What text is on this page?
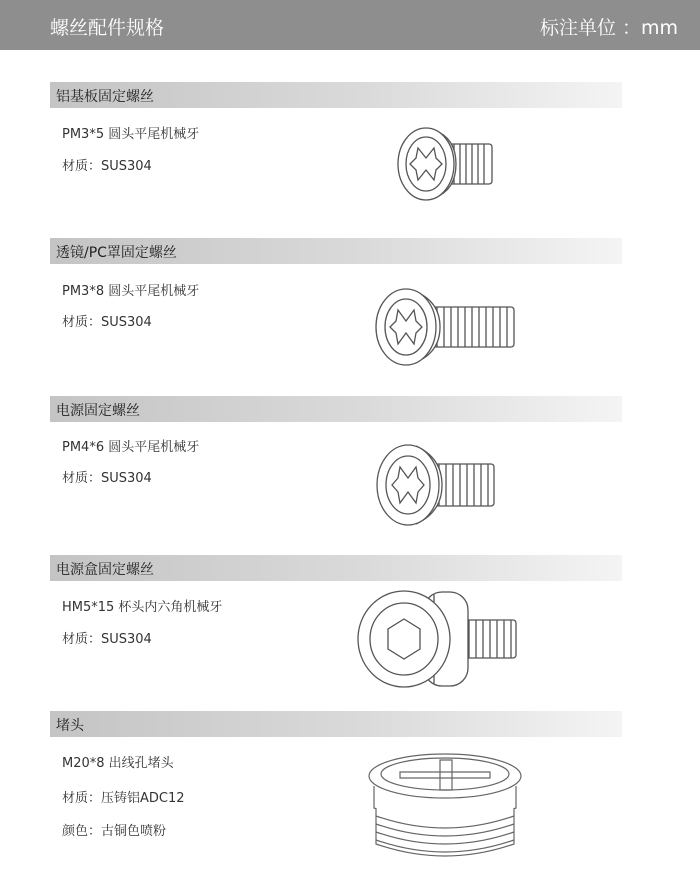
螺丝配件规格	标注单位 ：mm
铝基板固定螺丝
PM3*5 圆头平尾机械牙
材质：SUS304
透镜/PC罩固定螺丝
PM3*8 圆头平尾机械牙
材质：SUS304
电源固定螺丝
PM4*6 圆头平尾机械牙
材质：SUS304
电源盒固定螺丝
HM5*15 杯头内六角机械牙
材质：SUS304
堵头
M20*8 出线孔堵头
材质：压铸铝ADC12
颜色：古铜色喷粉
